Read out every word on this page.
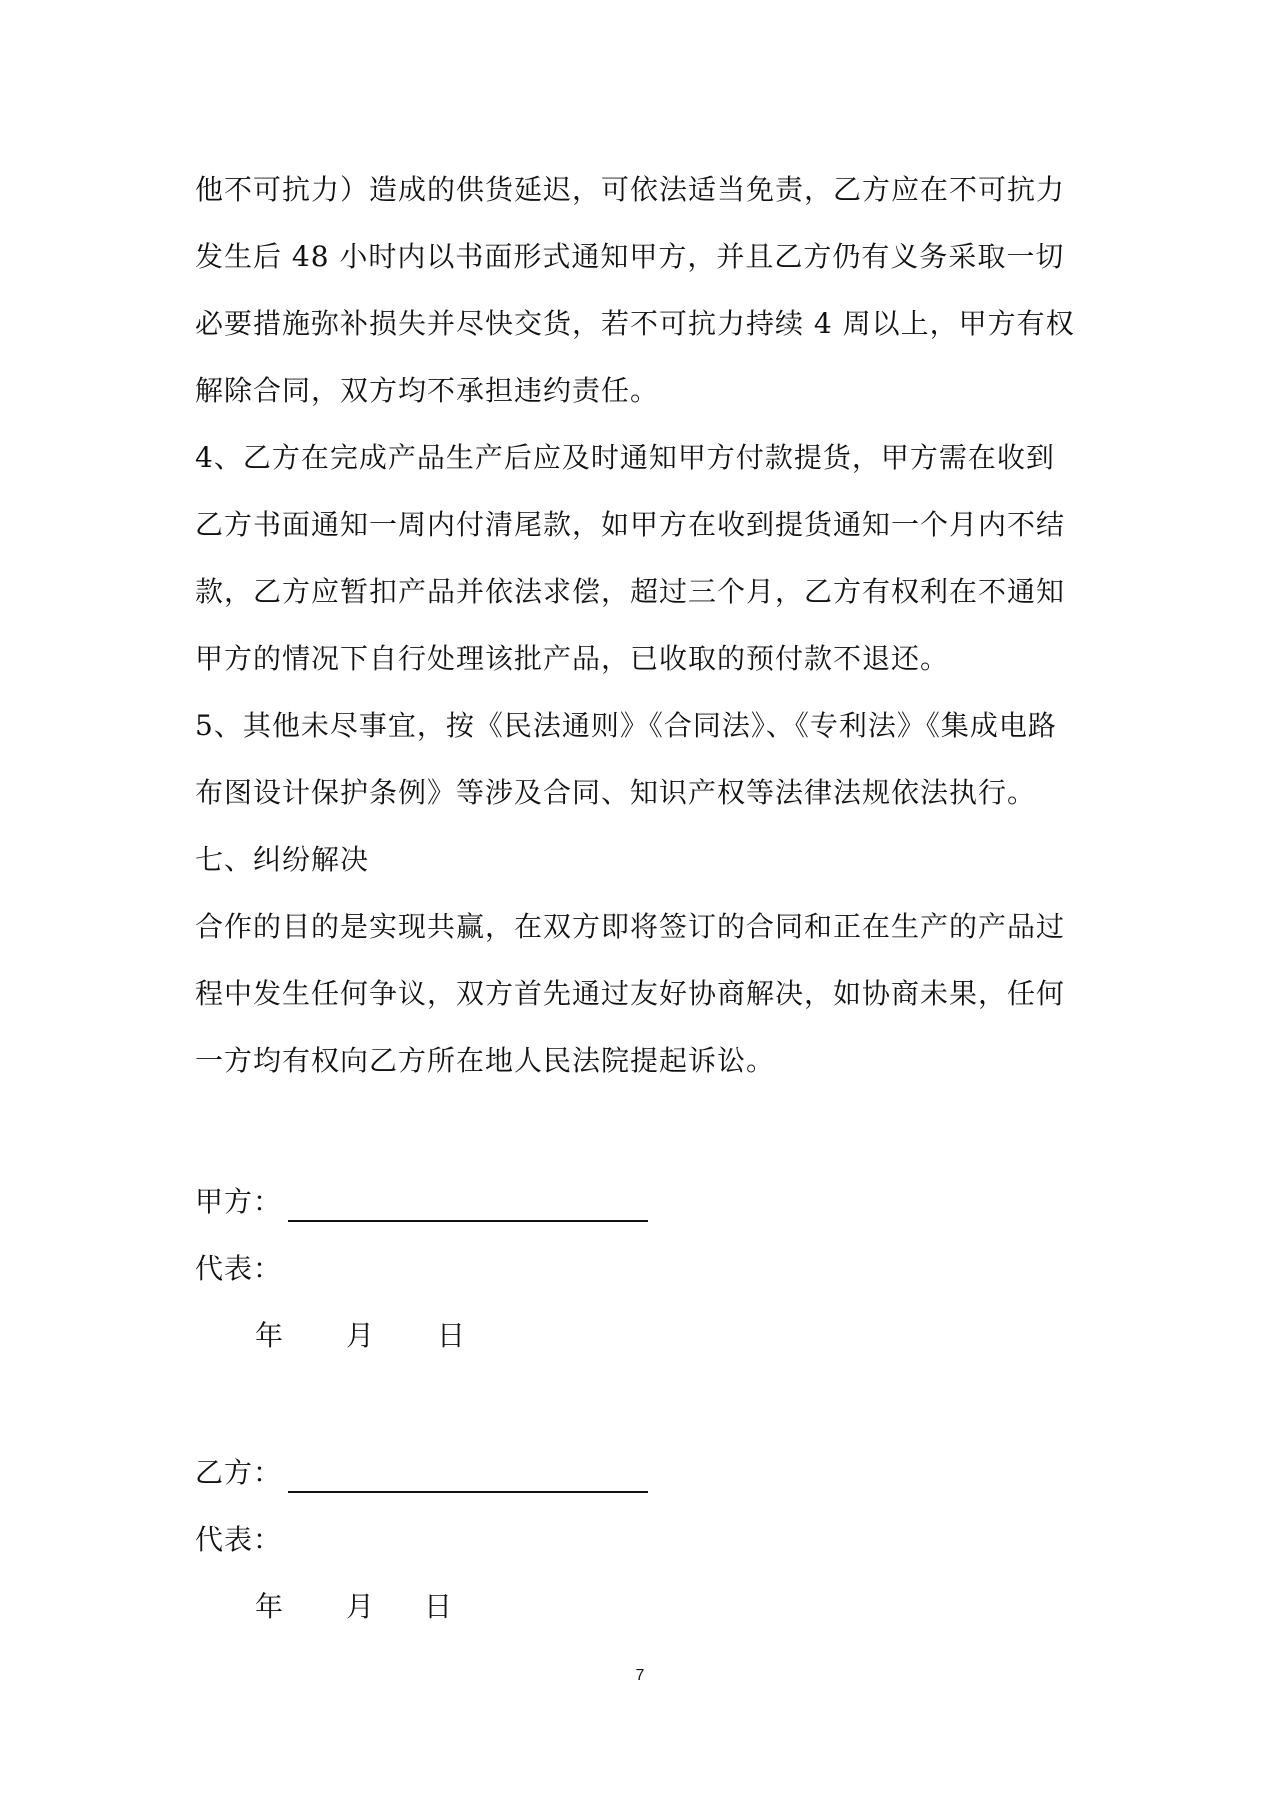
他不可抗力）造成的供货延迟，可依法适当免责，乙方应在不可抗力
发生后 48 小时内以书面形式通知甲方，并且乙方仍有义务采取一切
必要措施弥补损失并尽快交货，若不可抗力持续 4 周以上，甲方有权
解除合同，双方均不承担违约责任。
4、乙方在完成产品生产后应及时通知甲方付款提货，甲方需在收到
乙方书面通知一周内付清尾款，如甲方在收到提货通知一个月内不结
款，乙方应暂扣产品并依法求偿，超过三个月，乙方有权利在不通知
甲方的情况下自行处理该批产品，已收取的预付款不退还。
5、其他未尽事宜，按《民法通则》《合同法》、《专利法》《集成电路
布图设计保护条例》等涉及合同、知识产权等法律法规依法执行。
七、纠纷解决
合作的目的是实现共赢，在双方即将签订的合同和正在生产的产品过
程中发生任何争议，双方首先通过友好协商解决，如协商未果，任何
一方均有权向乙方所在地人民法院提起诉讼。
甲方：
代表：
年 月 日
乙方：
代表：
年 月 日
7
